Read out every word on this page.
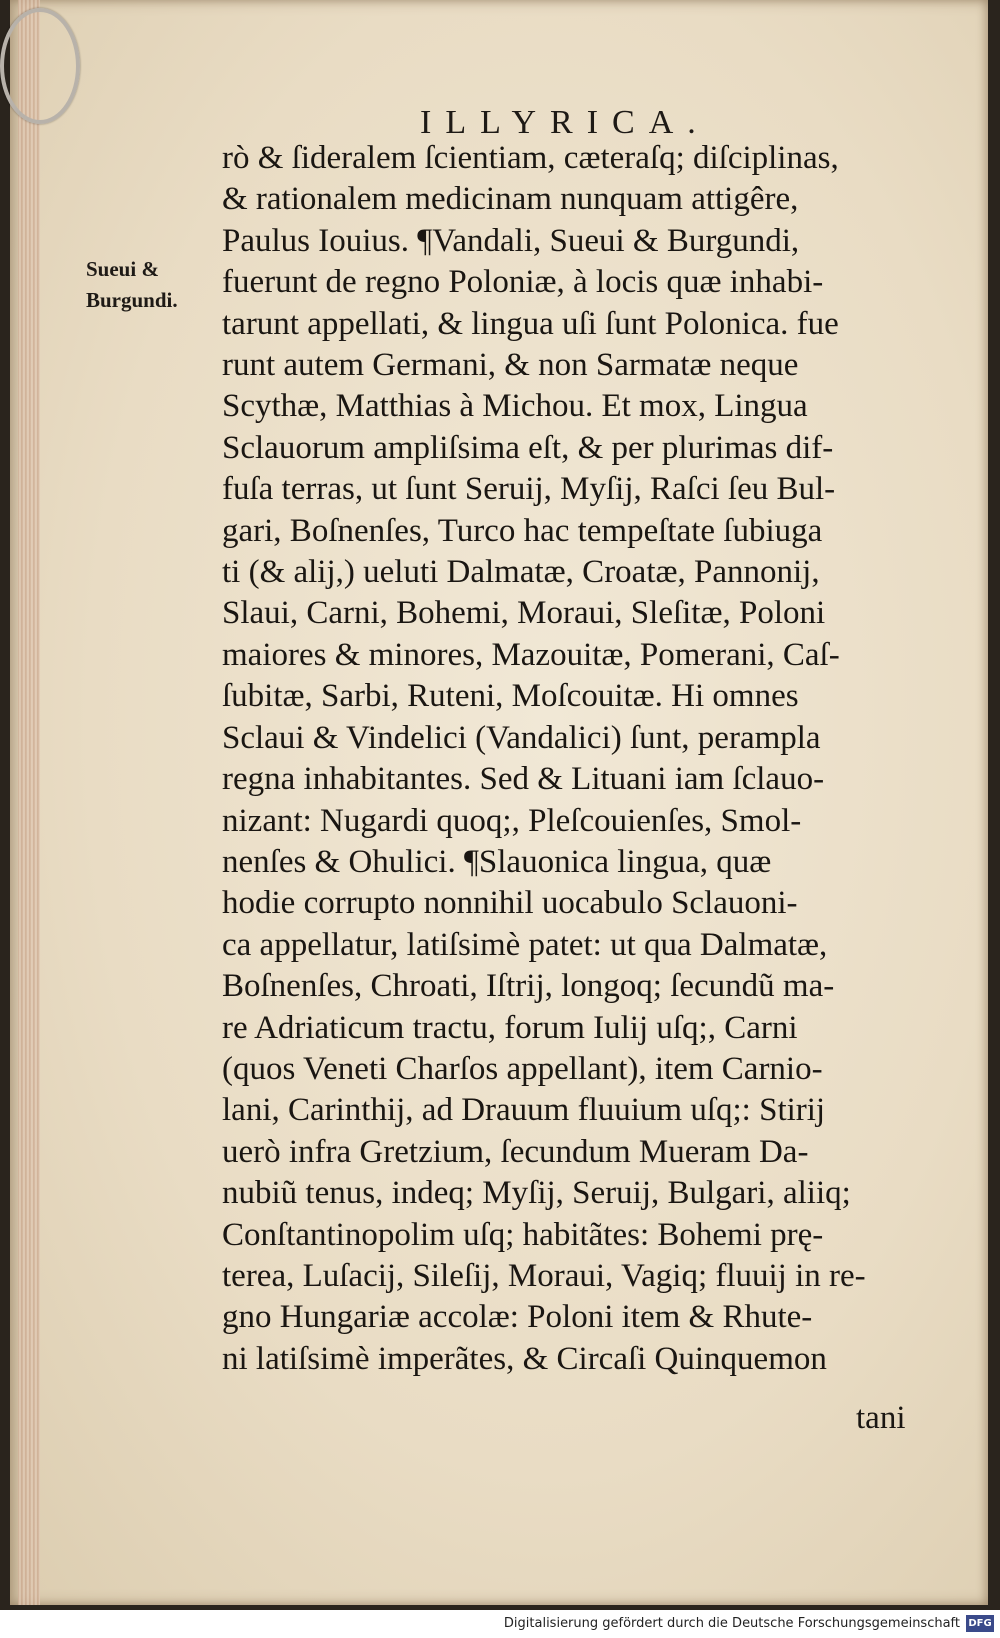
ILLYRICA.
Sueui &
Burgundi.
rò & ſideralem ſcientiam, cæteraſq; diſciplinas,
& rationalem medicinam nunquam attigêre,
Paulus Iouius. ¶Vandali, Sueui & Burgundi,
fuerunt de regno Poloniæ, à locis quæ inhabi-
tarunt appellati, & lingua uſi ſunt Polonica. fue
runt autem Germani, & non Sarmatæ neque
Scythæ, Matthias à Michou. Et mox, Lingua
Sclauorum ampliſsima eſt, & per plurimas dif-
fuſa terras, ut ſunt Seruij, Myſij, Raſci ſeu Bul-
gari, Boſnenſes, Turco hac tempeſtate ſubiuga
ti (& alij,) ueluti Dalmatæ, Croatæ, Pannonij,
Slaui, Carni, Bohemi, Moraui, Sleſitæ, Poloni
maiores & minores, Mazouitæ, Pomerani, Caſ-
ſubitæ, Sarbi, Ruteni, Moſcouitæ. Hi omnes
Sclaui & Vindelici (Vandalici) ſunt, perampla
regna inhabitantes. Sed & Lituani iam ſclauo-
nizant: Nugardi quoq;, Pleſcouienſes, Smol-
nenſes & Ohulici. ¶Slauonica lingua, quæ
hodie corrupto nonnihil uocabulo Sclauoni-
ca appellatur, latiſsimè patet: ut qua Dalmatæ,
Boſnenſes, Chroati, Iſtrij, longoq; ſecundũ ma-
re Adriaticum tractu, forum Iulij uſq;, Carni
(quos Veneti Charſos appellant), item Carnio-
lani, Carinthij, ad Drauum fluuium uſq;: Stirij
uerò infra Gretzium, ſecundum Mueram Da-
nubiũ tenus, indeq; Myſij, Seruij, Bulgari, aliiq;
Conſtantinopolim uſq; habitãtes: Bohemi prę-
terea, Luſacij, Sileſij, Moraui, Vagiq; fluuij in re-
gno Hungariæ accolæ: Poloni item & Rhute-
ni latiſsimè imperãtes, & Circaſi Quinquemon
tani
Digitalisierung gefördert durch die Deutsche Forschungsgemeinschaft DFG
